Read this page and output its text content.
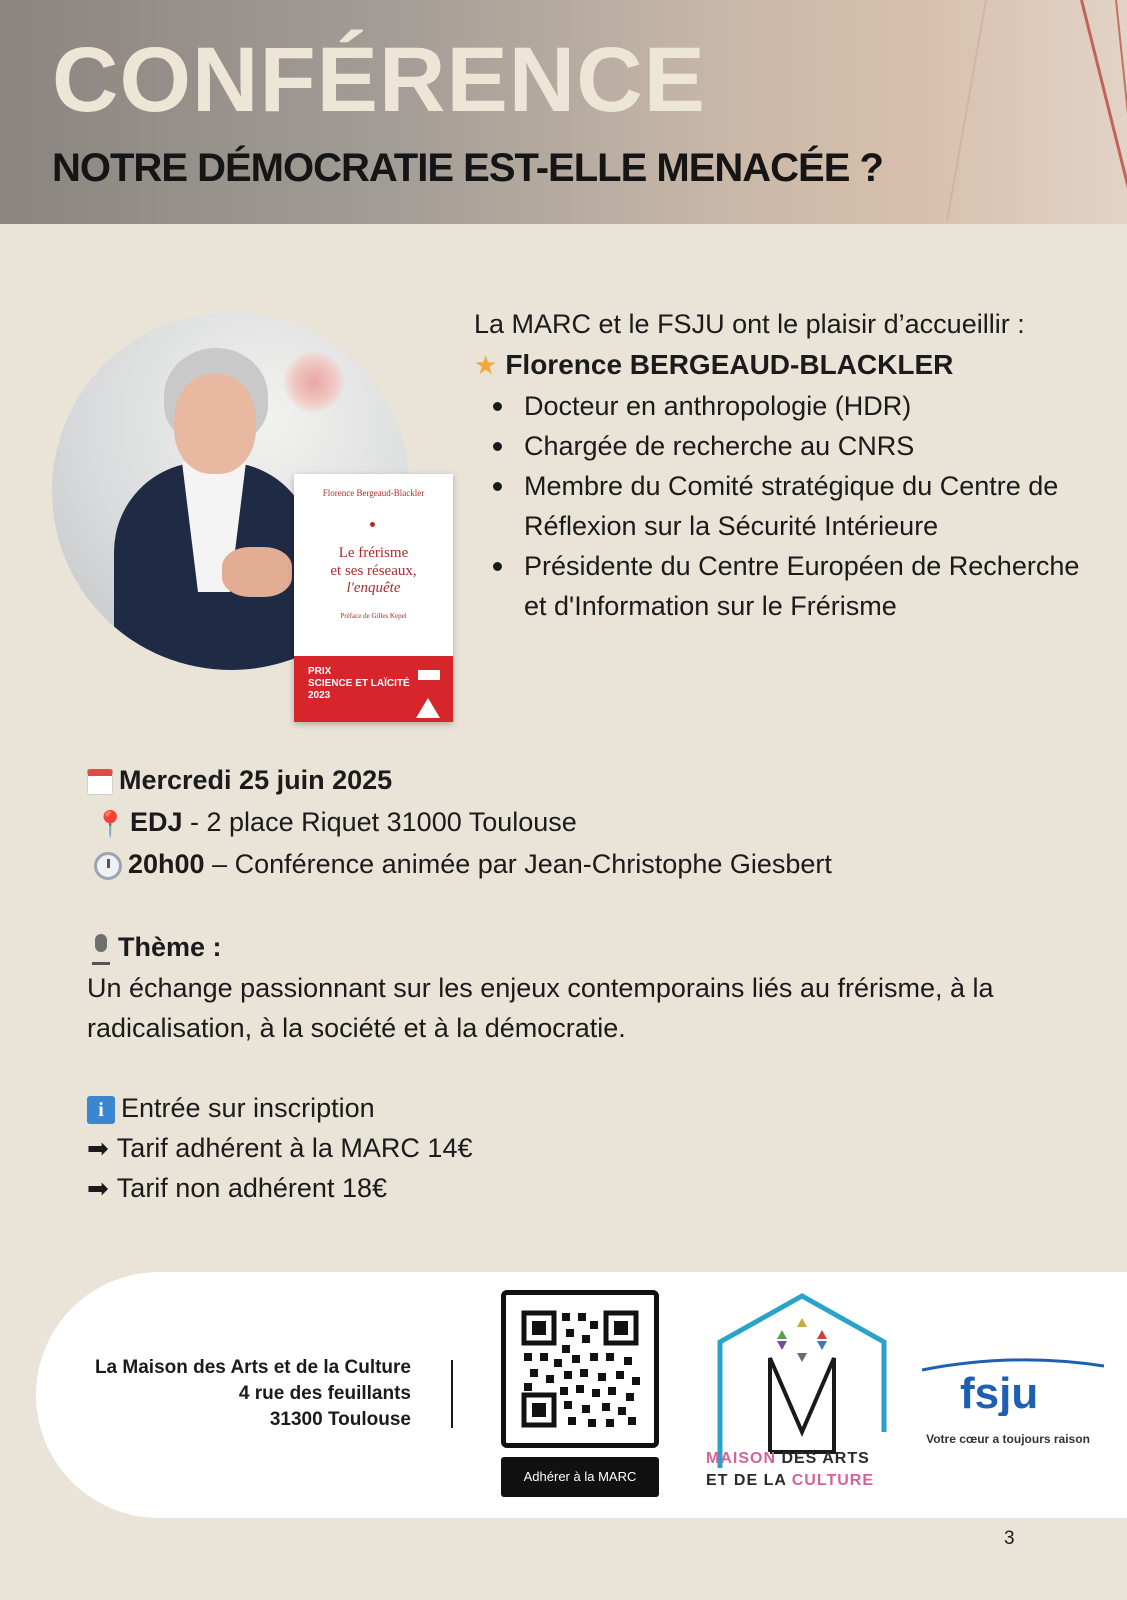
CONFÉRENCE
NOTRE DÉMOCRATIE EST-ELLE MENACÉE ?
Florence Bergeaud-Blackler
Le frérisme
et ses réseaux,
l'enquête
Préface de Gilles Kepel
PRIX
SCIENCE ET LAÏCITÉ
2023

La MARC et le FSJU ont le plaisir d’accueillir :

★ Florence BERGEAUD-BLACKLER
Docteur en anthropologie (HDR)
Chargée de recherche au CNRS
Membre du Comité stratégique du Centre de Réflexion sur la Sécurité Intérieure
Présidente du Centre Européen de Recherche et d'Information sur le Frérisme
Mercredi 25 juin 2025
📍 EDJ - 2 place Riquet 31000 Toulouse
20h00 – Conférence animée par Jean-Christophe Giesbert
Thème :

Un échange passionnant sur les enjeux contemporains liés au frérisme, à la radicalisation, à la société et à la démocratie.

i Entrée sur inscription
➡ Tarif adhérent à la MARC 14€
➡ Tarif non adhérent 18€
La Maison des Arts et de la Culture
4 rue des feuillants
31300 Toulouse
Adhérer à la MARC
MAISON DES ARTS
ET DE LA CULTURE
fsju
Votre cœur a toujours raison
3
